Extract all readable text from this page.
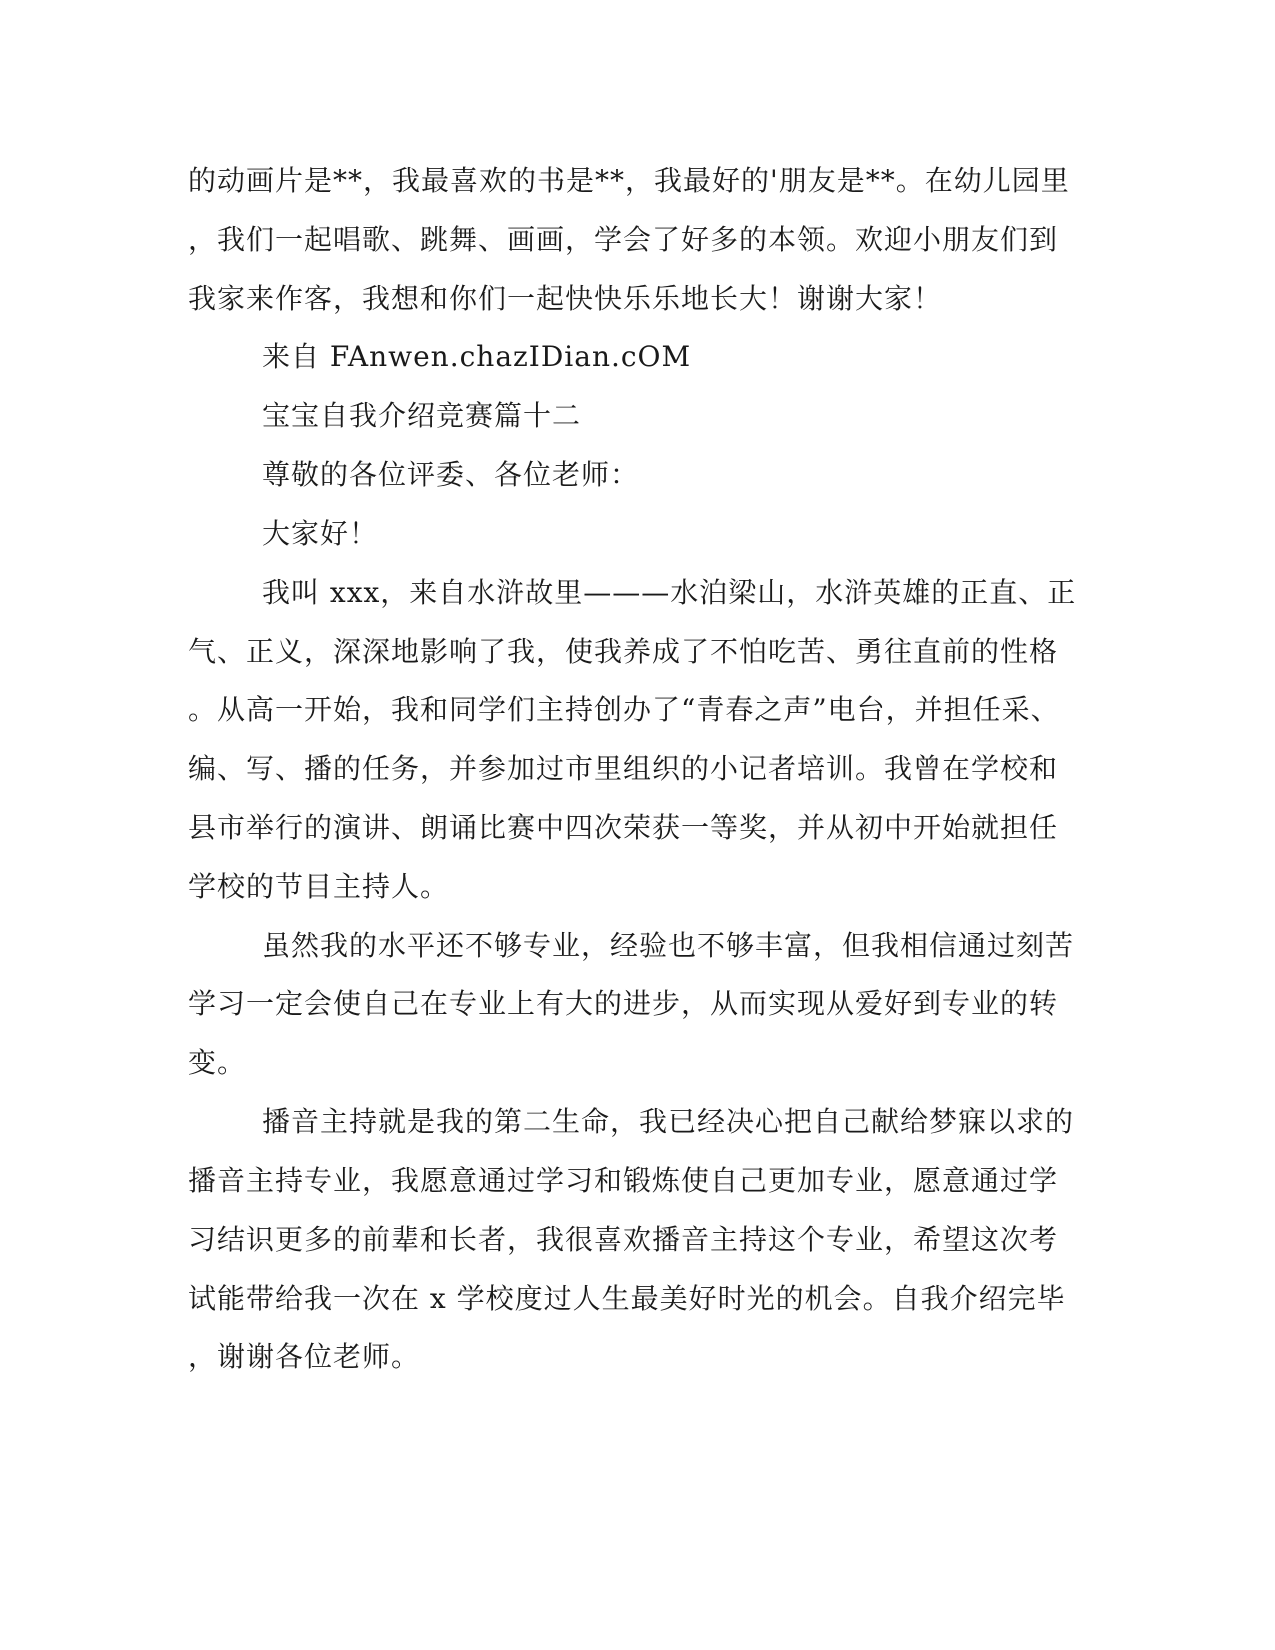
的动画片是**，我最喜欢的书是**，我最好的'朋友是**。在幼儿园里
，我们一起唱歌、跳舞、画画，学会了好多的本领。欢迎小朋友们到
我家来作客，我想和你们一起快快乐乐地长大！谢谢大家！
来自 FAnwen.chazIDian.cOM
宝宝自我介绍竞赛篇十二
尊敬的各位评委、各位老师：
大家好！
我叫 xxx，来自水浒故里———水泊梁山，水浒英雄的正直、正
气、正义，深深地影响了我，使我养成了不怕吃苦、勇往直前的性格
。从高一开始，我和同学们主持创办了“青春之声”电台，并担任采、
编、写、播的任务，并参加过市里组织的小记者培训。我曾在学校和
县市举行的演讲、朗诵比赛中四次荣获一等奖，并从初中开始就担任
学校的节目主持人。
虽然我的水平还不够专业，经验也不够丰富，但我相信通过刻苦
学习一定会使自己在专业上有大的进步，从而实现从爱好到专业的转
变。
播音主持就是我的第二生命，我已经决心把自己献给梦寐以求的
播音主持专业，我愿意通过学习和锻炼使自己更加专业，愿意通过学
习结识更多的前辈和长者，我很喜欢播音主持这个专业，希望这次考
试能带给我一次在 x 学校度过人生最美好时光的机会。自我介绍完毕
，谢谢各位老师。
